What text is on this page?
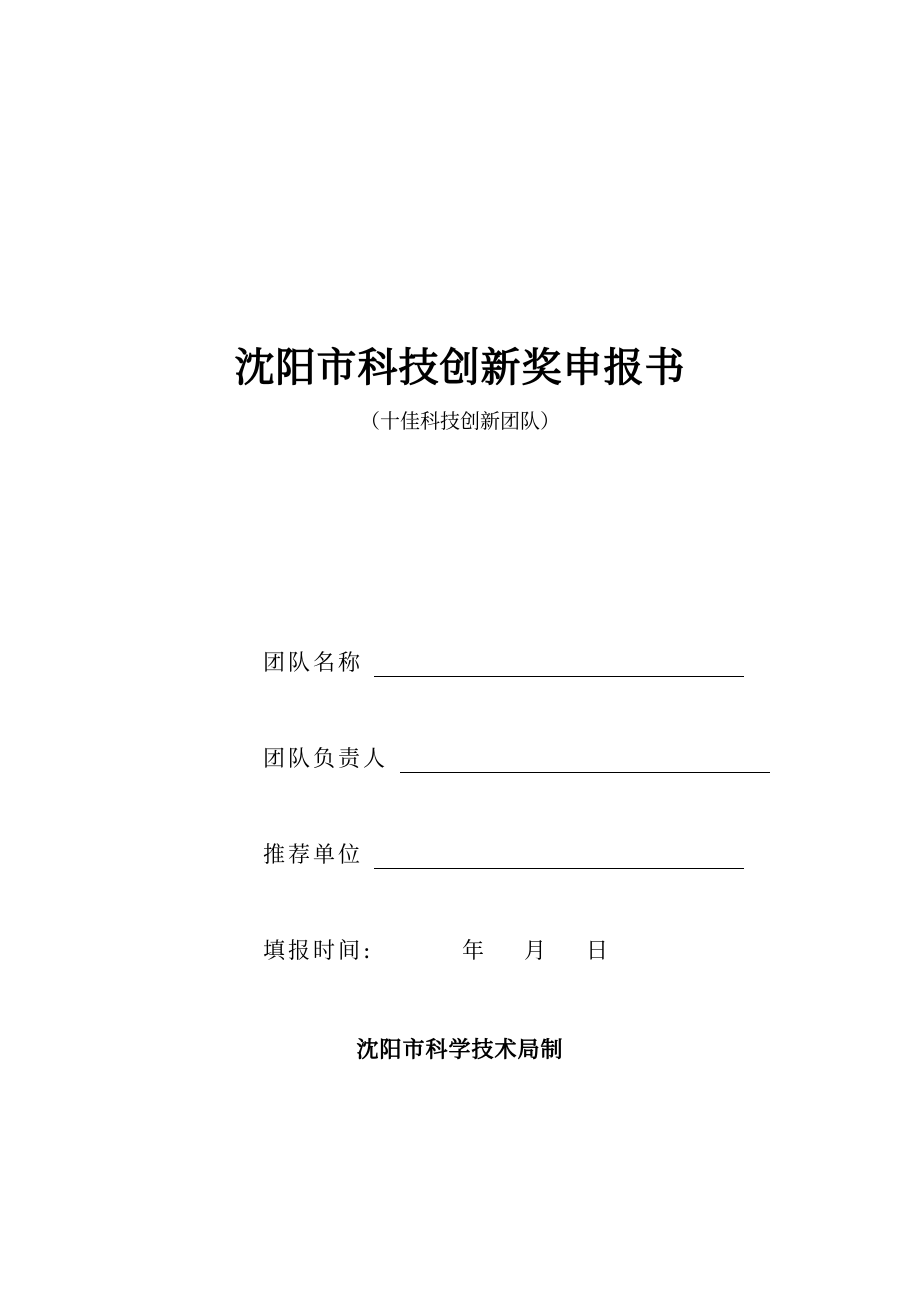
沈阳市科技创新奖申报书
（十佳科技创新团队）
团队名称
团队负责人
推荐单位
填报时间:	年 月 日
沈阳市科学技术局制
